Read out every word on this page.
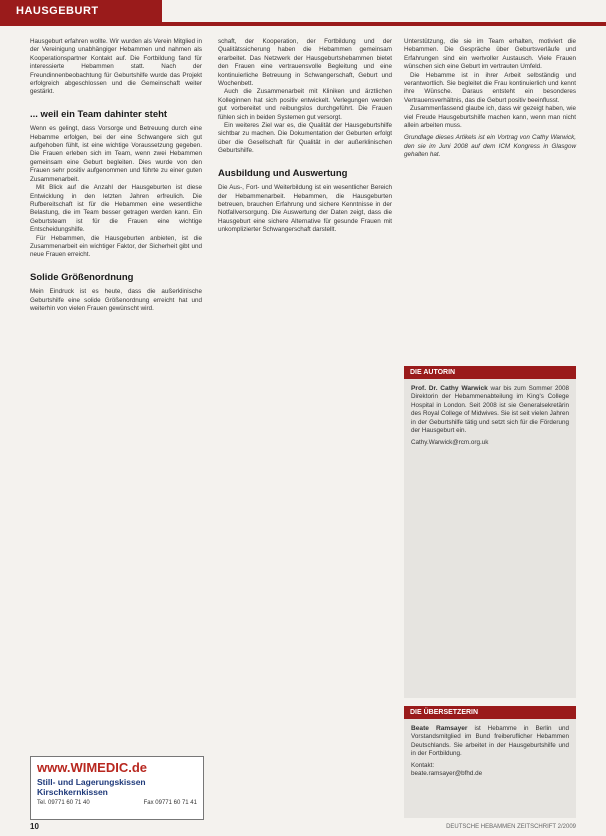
HAUSGEBURT

Hausgeburt erfahren wollte. Wir wurden als Verein Mitglied in der Vereinigung unabhängiger Hebammen und nahmen als Kooperationspartner Kontakt auf. Die Fortbildung fand für interessierte Hebammen statt. Nach der Freundinnenbeobachtung für Geburtshilfe wurde das Projekt erfolgreich abgeschlossen und die Gemeinschaft weiter gestärkt.

... weil ein Team dahinter steht

Wenn es gelingt, dass Vorsorge und Betreuung durch eine Hebamme erfolgen, bei der eine Schwangere sich gut aufgehoben fühlt, ist eine wichtige Voraussetzung gegeben. Die Frauen erleben sich im Team, wenn zwei Hebammen gemeinsam eine Geburt begleiten. Dies wurde von den Frauen sehr positiv aufgenommen und führte zu einer guten Zusammenarbeit.

Mit Blick auf die Anzahl der Hausgeburten ist diese Entwicklung in den letzten Jahren erfreulich. Die Rufbereitschaft ist für die Hebammen eine wesentliche Belastung, die im Team besser getragen werden kann. Ein Geburtsteam ist für die Frauen eine wichtige Entscheidungshilfe.

Für Hebammen, die Hausgeburten anbieten, ist die Zusammenarbeit ein wichtiger Faktor, der Sicherheit gibt und neue Frauen erreicht.

Solide Größenordnung

Mein Eindruck ist es heute, dass die außerklinische Geburtshilfe eine solide Größenordnung erreicht hat und weiterhin von vielen Frauen gewünscht wird.

www.WIMEDIC.de
Still- und Lagerungskissen
Kirschkernkissen
Tel. 09771 60 71 40	Fax 09771 60 71 41

schaft, der Kooperation, der Fortbildung und der Qualitätssicherung haben die Hebammen gemeinsam erarbeitet. Das Netzwerk der Hausgeburtshebammen bietet den Frauen eine vertrauensvolle Begleitung und eine kontinuierliche Betreuung in Schwangerschaft, Geburt und Wochenbett.

Auch die Zusammenarbeit mit Kliniken und ärztlichen Kolleginnen hat sich positiv entwickelt. Verlegungen werden gut vorbereitet und reibungslos durchgeführt. Die Frauen fühlen sich in beiden Systemen gut versorgt.

Ein weiteres Ziel war es, die Qualität der Hausgeburtshilfe sichtbar zu machen. Die Dokumentation der Geburten erfolgt über die Gesellschaft für Qualität in der außerklinischen Geburtshilfe.

Ausbildung und Auswertung

Die Aus-, Fort- und Weiterbildung ist ein wesentlicher Bereich der Hebammenarbeit. Hebammen, die Hausgeburten betreuen, brauchen Erfahrung und sichere Kenntnisse in der Notfallversorgung. Die Auswertung der Daten zeigt, dass die Hausgeburt eine sichere Alternative für gesunde Frauen mit unkomplizierter Schwangerschaft darstellt.

Unterstützung, die sie im Team erhalten, motiviert die Hebammen. Die Gespräche über Geburtsverläufe und Erfahrungen sind ein wertvoller Austausch. Viele Frauen wünschen sich eine Geburt im vertrauten Umfeld.

Die Hebamme ist in ihrer Arbeit selbständig und verantwortlich. Sie begleitet die Frau kontinuierlich und kennt ihre Wünsche. Daraus entsteht ein besonderes Vertrauensverhältnis, das die Geburt positiv beeinflusst.

Zusammenfassend glaube ich, dass wir gezeigt haben, wie viel Freude Hausgeburtshilfe machen kann, wenn man nicht allein arbeiten muss.

Grundlage dieses Artikels ist ein Vortrag von Cathy Warwick, den sie im Juni 2008 auf dem ICM Kongress in Glasgow gehalten hat.

DIE AUTORIN

Prof. Dr. Cathy Warwick war bis zum Sommer 2008 Direktorin der Hebammenabteilung im King's College Hospital in London. Seit 2008 ist sie Generalsekretärin des Royal College of Midwives. Sie ist seit vielen Jahren in der Geburtshilfe tätig und setzt sich für die Förderung der Hausgeburt ein.

Cathy.Warwick@rcm.org.uk

DIE ÜBERSETZERIN

Beate Ramsayer ist Hebamme in Berlin und Vorstandsmitglied im Bund freiberuflicher Hebammen Deutschlands. Sie arbeitet in der Hausgeburtshilfe und in der Fortbildung.

Kontakt:

beate.ramsayer@bfhd.de

10	DEUTSCHE HEBAMMEN ZEITSCHRIFT 2/2009
